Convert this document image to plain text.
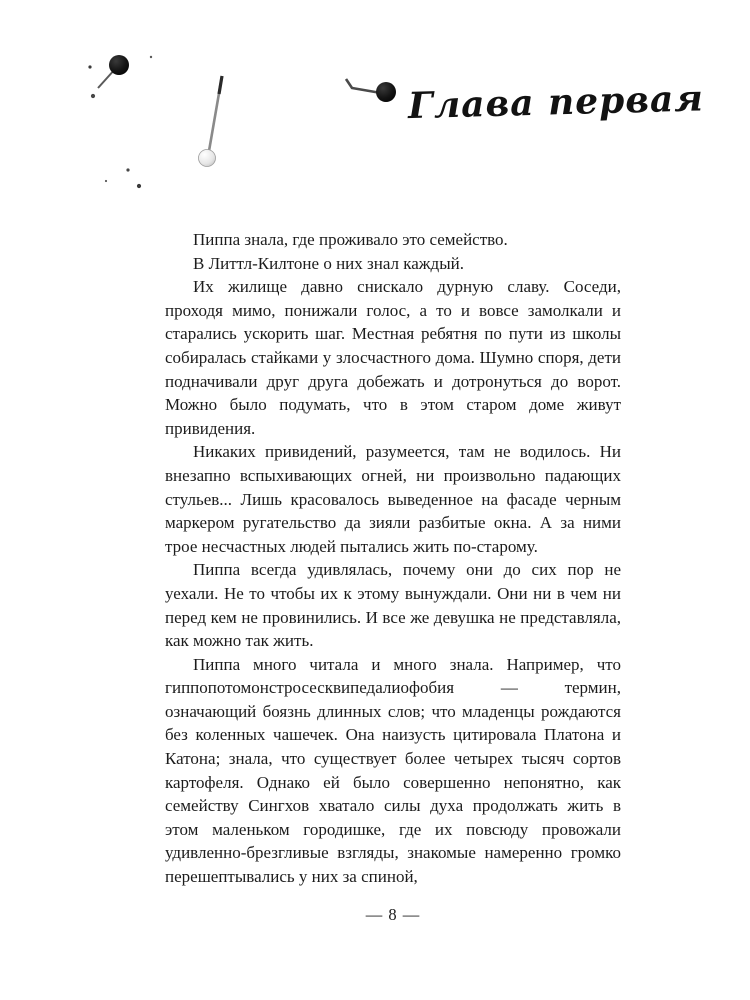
Глава первая

Пиппа знала, где проживало это семейство.

В Литтл-Килтоне о них знал каждый.

Их жилище давно снискало дурную славу. Соседи, проходя мимо, понижали голос, а то и вовсе замолкали и старались ускорить шаг. Местная ребятня по пути из школы собиралась стайками у злосчастного дома. Шумно споря, дети подначивали друг друга добежать и дотронуться до ворот. Можно было подумать, что в этом старом доме живут привидения.

Никаких привидений, разумеется, там не водилось. Ни внезапно вспыхивающих огней, ни произвольно падающих стульев... Лишь красовалось выведенное на фасаде черным маркером ругательство да зияли разбитые окна. А за ними трое несчастных людей пытались жить по-старому.

Пиппа всегда удивлялась, почему они до сих пор не уехали. Не то чтобы их к этому вынуждали. Они ни в чем ни перед кем не провинились. И все же девушка не представляла, как можно так жить.

Пиппа много читала и много знала. Например, что гиппопотомонстросесквипедалиофобия — термин, означающий боязнь длинных слов; что младенцы рождаются без коленных чашечек. Она наизусть цитировала Платона и Катона; знала, что существует более четырех тысяч сортов картофеля. Однако ей было совершенно непонятно, как семейству Сингхов хватало силы духа продолжать жить в этом маленьком городишке, где их повсюду провожали удивленно-брезгливые взгляды, знакомые намеренно громко перешептывались у них за спиной,

— 8 —
